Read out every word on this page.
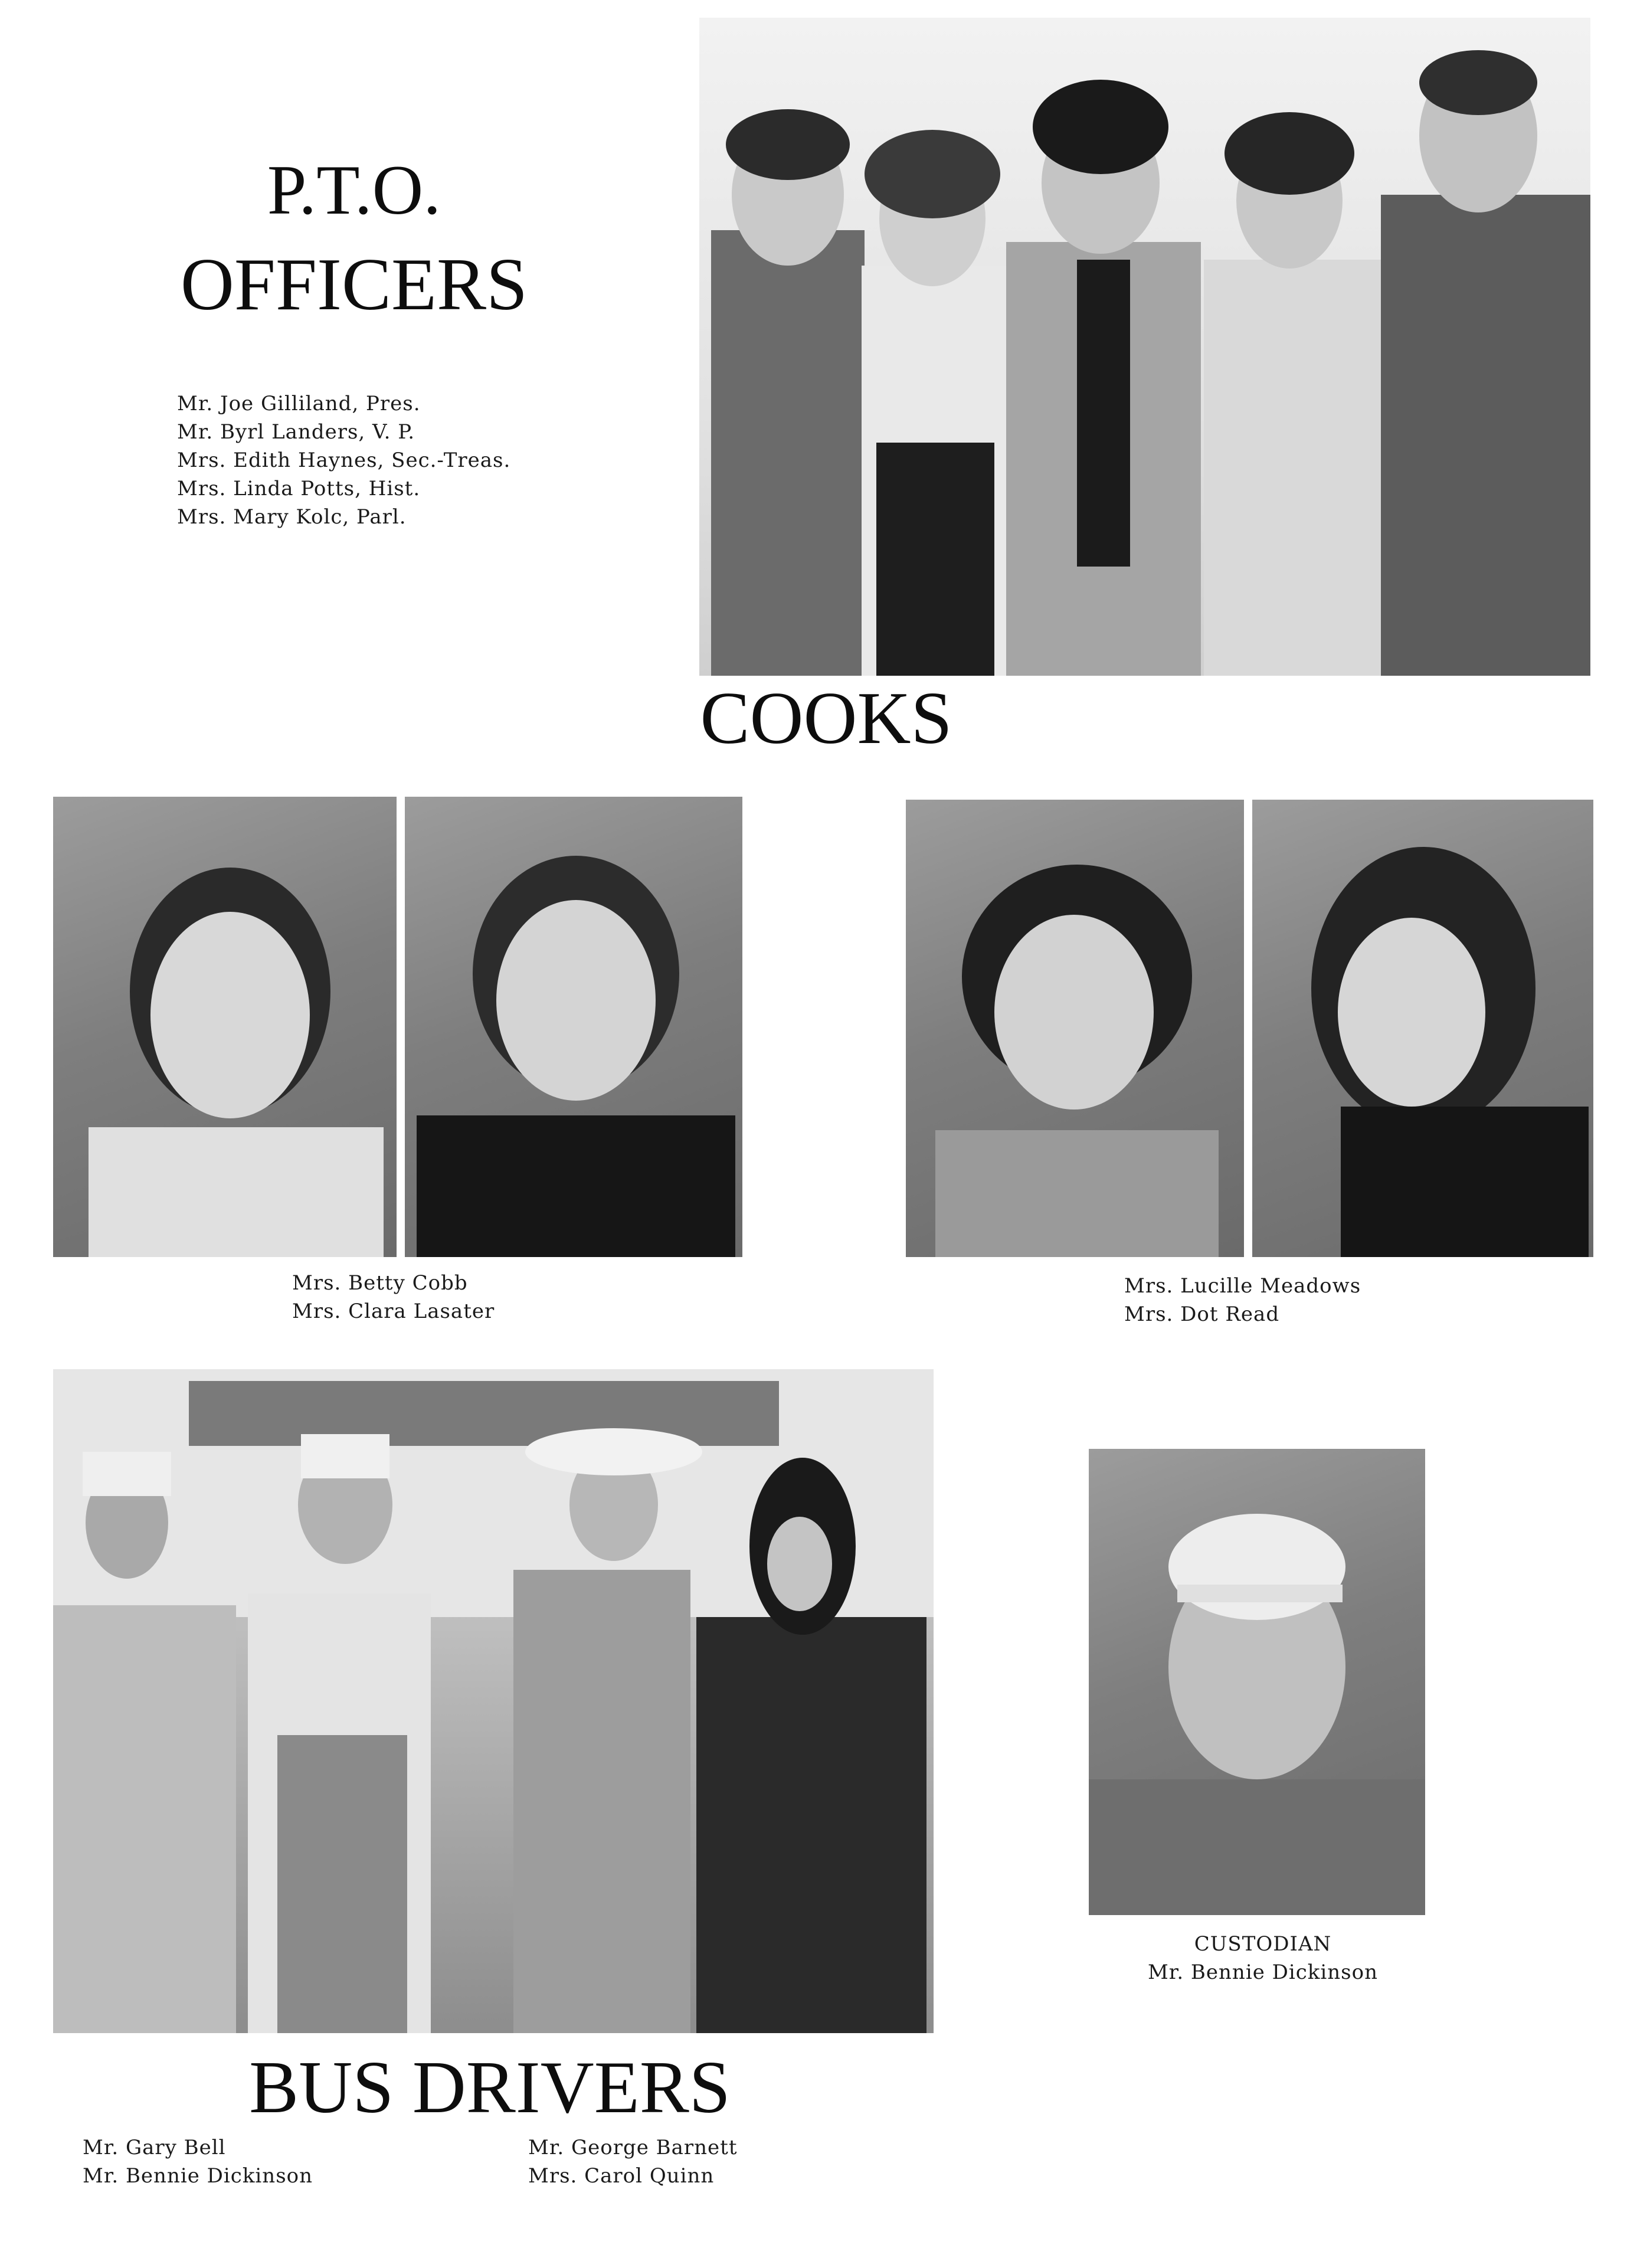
P.T.O.
OFFICERS
Mr. Joe Gilliland, Pres.
Mr. Byrl Landers, V. P.
Mrs. Edith Haynes, Sec.-Treas.
Mrs. Linda Potts, Hist.
Mrs. Mary Kolc, Parl.
COOKS
Mrs. Betty Cobb
Mrs. Clara Lasater
Mrs. Lucille Meadows
Mrs. Dot Read
BUS DRIVERS
Mr. Gary Bell
Mr. Bennie Dickinson
Mr. George Barnett
Mrs. Carol Quinn
CUSTODIAN
Mr. Bennie Dickinson
